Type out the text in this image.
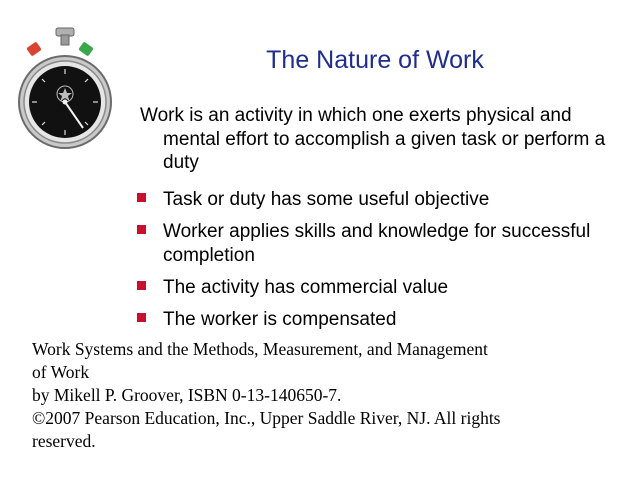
The Nature of Work
Work is an activity in which one exerts physical and mental effort to accomplish a given task or perform a duty
Task or duty has some useful objective
Worker applies skills and knowledge for successful completion
The activity has commercial value
The worker is compensated
Work Systems and the Methods, Measurement, and Management
of Work
by Mikell P. Groover, ISBN 0-13-140650-7.
©2007 Pearson Education, Inc., Upper Saddle River, NJ. All rights
reserved.
